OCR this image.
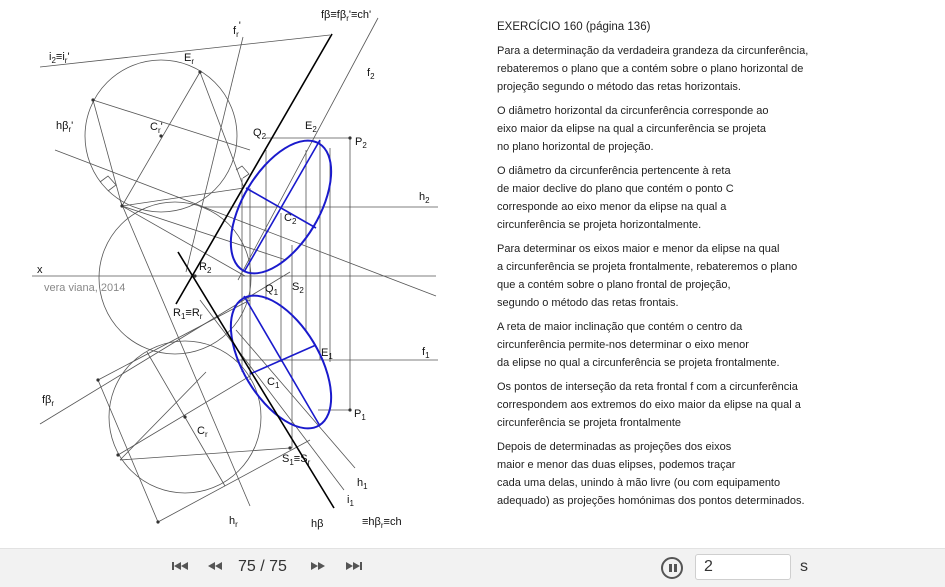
$i_2\equiv i_r'$
$f_r'$
$E_r$
$f\beta\equiv f\beta_r'\equiv ch'$
$f_2$
$h\beta_r'$	$C_r'$	$Q_2$
$E_2$
$P_2$
$h_2$
$C_2$
x	$R_2$
vera viana, 2014	$Q_1$ $S_2$
$R_1\equiv R_r$
$f_1$
$E_1$
$C_1$
$f\beta_r$
$P_1$
$C_r$
$S_1\equiv S_r$
$h_1$
$i_1$
$h_r$	hβ	$\equiv h\beta_r\equiv ch$
EXERCÍCIO 160 (página 136)

Para a determinação da verdadeira grandeza da circunferência,
rebateremos o plano que a contém sobre o plano horizontal de
projeção segundo o método das retas horizontais.

O diâmetro horizontal da circunferência corresponde ao
eixo maior da elipse na qual a circunferência se projeta
no plano horizontal de projeção.

O diâmetro da circunferência pertencente à reta
de maior declive do plano que contém o ponto C
corresponde ao eixo menor da elipse na qual a
circunferência se projeta horizontalmente.

Para determinar os eixos maior e menor da elipse na qual
a circunferência se projeta frontalmente, rebateremos o plano
que a contém sobre o plano frontal de projeção,
segundo o método das retas frontais.

A reta de maior inclinação que contém o centro da
circunferência permite-nos determinar o eixo menor
da elipse no qual a circunferência se projeta frontalmente.

Os pontos de interseção da reta frontal f com a circunferência
correspondem aos extremos do eixo maior da elipse na qual a
circunferência se projeta frontalmente

Depois de determinadas as projeções dos eixos
maior e menor das duas elipses, podemos traçar
cada uma delas, unindo à mão livre (ou com equipamento
adequado) as projeções homónimas dos pontos determinados.

75 / 75	2	s
